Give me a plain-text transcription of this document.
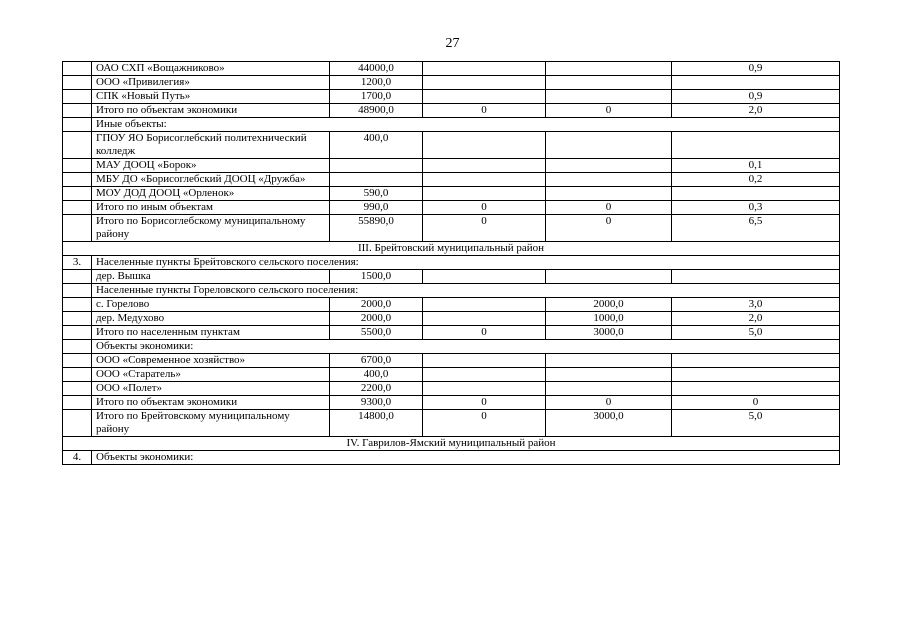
27
	ОАО СХП «Вощажниково»	44000,0			0,9
	ООО «Привилегия»	1200,0			
	СПК «Новый Путь»	1700,0			0,9
	Итого по объектам экономики	48900,0	0	0	2,0
	Иные объекты:				
	ГПОУ ЯО Борисоглебский политехнический колледж	400,0			
	МАУ ДООЦ «Борок»				0,1
	МБУ ДО «Борисоглебский ДООЦ «Дружба»				0,2
	МОУ ДОД ДООЦ «Орленок»	590,0			
	Итого по иным объектам	990,0	0	0	0,3
	Итого по Борисоглебскому муниципальному району	55890,0	0	0	6,5
III. Брейтовский муниципальный район					
3.	Населенные пункты Брейтовского сельского поселения:				
	дер. Вышка	1500,0			
	Населенные пункты Гореловского сельского поселения:				
	с. Горелово	2000,0		2000,0	3,0
	дер. Медухово	2000,0		1000,0	2,0
	Итого по населенным пунктам	5500,0	0	3000,0	5,0
	Объекты экономики:				
	ООО «Современное хозяйство»	6700,0			
	ООО «Старатель»	400,0			
	ООО «Полет»	2200,0			
	Итого по объектам экономики	9300,0	0	0	0
	Итого по Брейтовскому муниципальному району	14800,0	0	3000,0	5,0
IV. Гаврилов-Ямский муниципальный район					
4.	Объекты экономики:				
